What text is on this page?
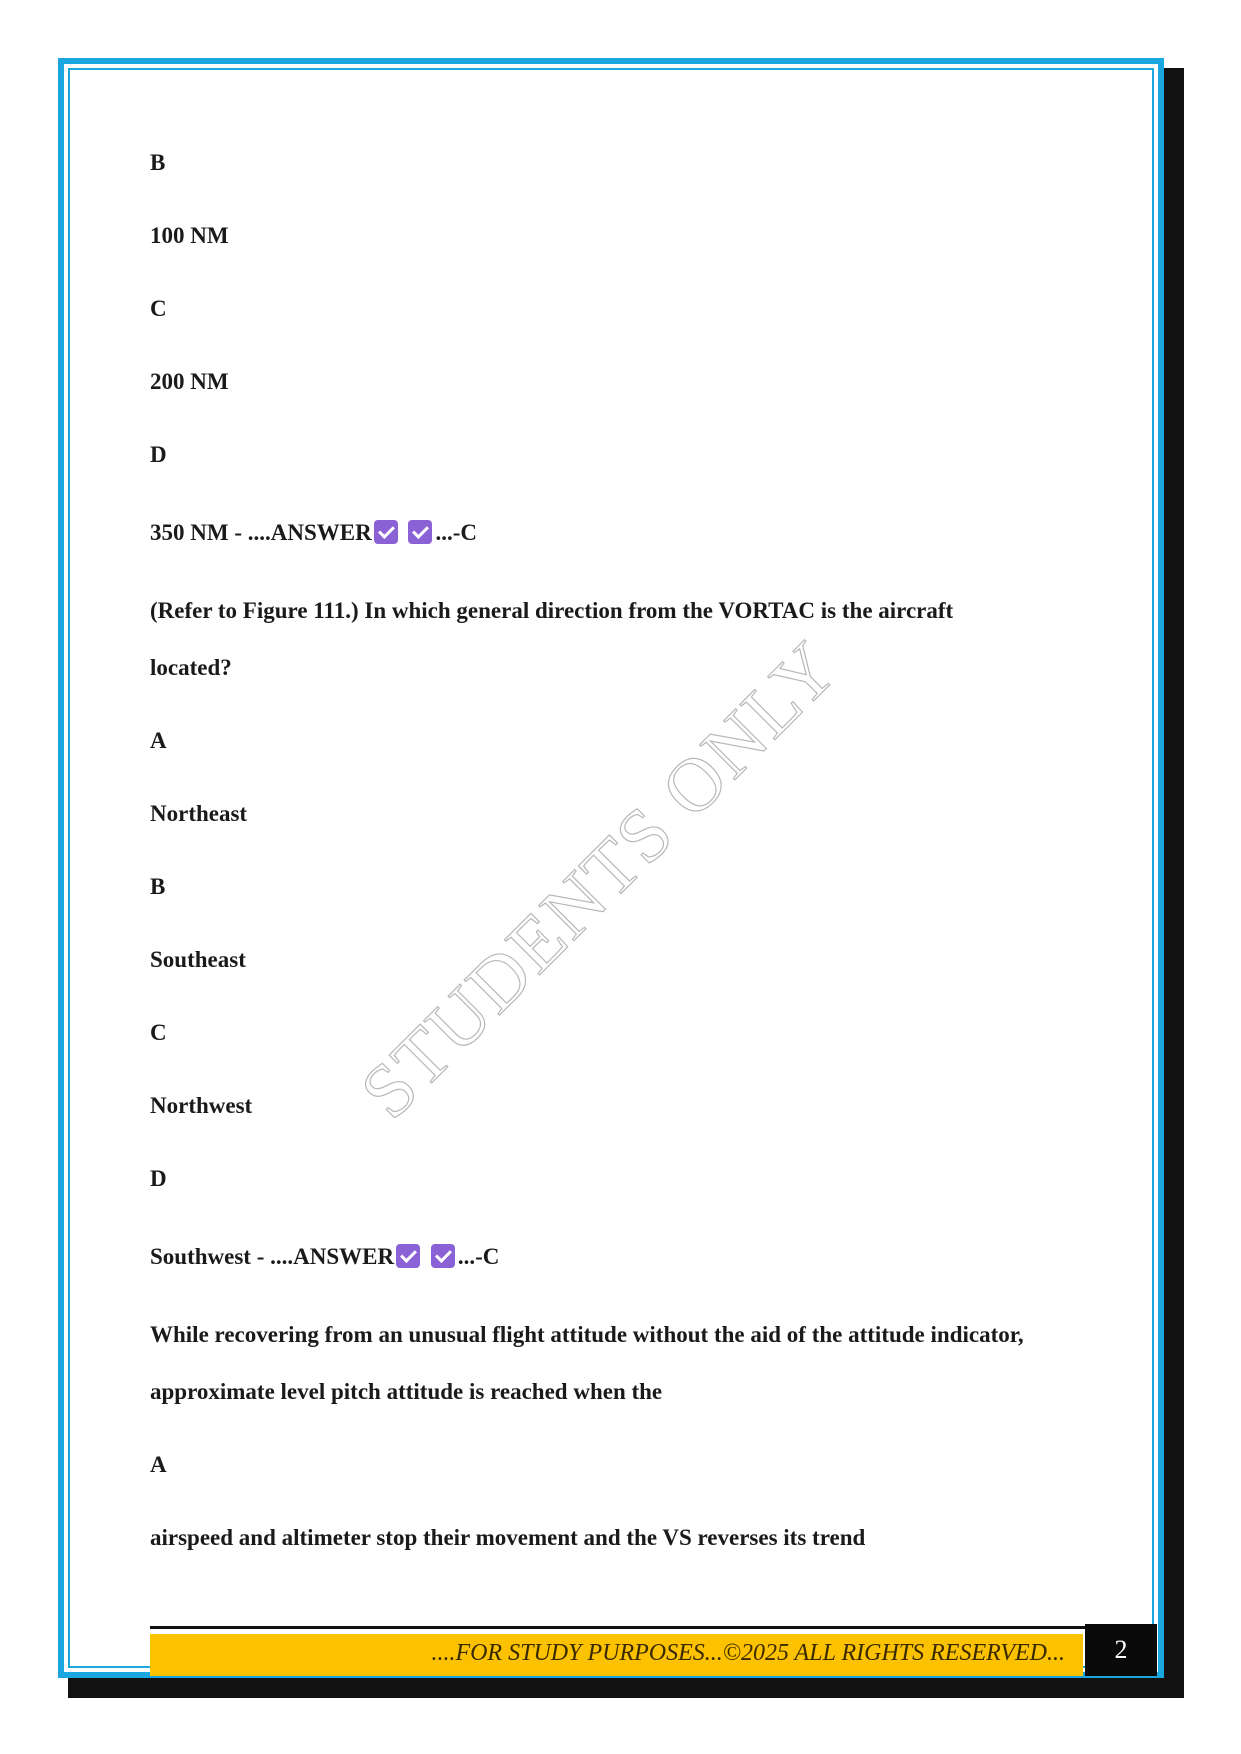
B
100 NM
C
200 NM
D
350 NM - ....ANSWER	...-C
(Refer to Figure 111.) In which general direction from the VORTAC is the aircraft
located?
A
Northeast
B
Southeast
C
Northwest
D
Southwest - ....ANSWER	...-C
While recovering from an unusual flight attitude without the aid of the attitude indicator,
approximate level pitch attitude is reached when the
A
airspeed and altimeter stop their movement and the VS reverses its trend
STUDENTS ONLY
....FOR STUDY PURPOSES...©2025 ALL RIGHTS RESERVED...	2
